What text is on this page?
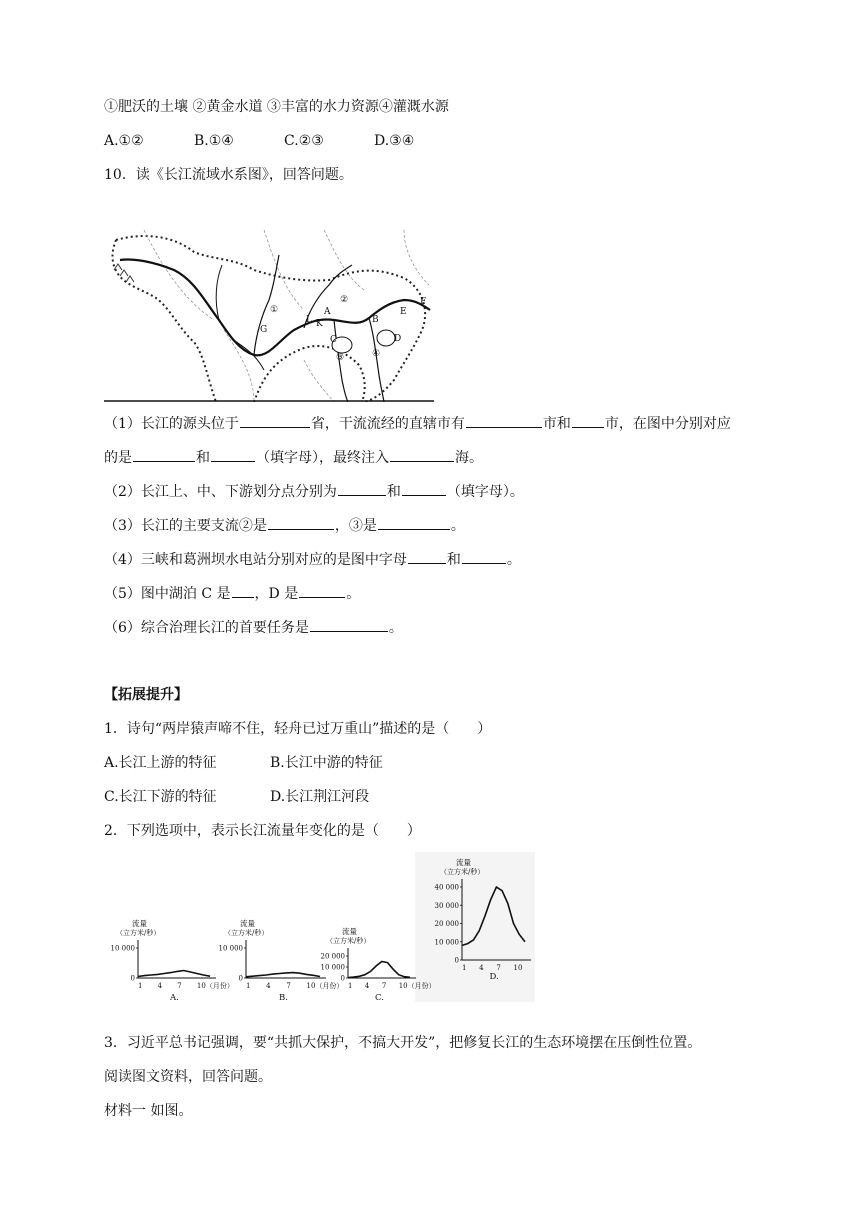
①肥沃的土壤 ②黄金水道 ③丰富的水力资源④灌溉水源
A.①②	B.①④	C.②③	D.③④
10．读《长江流域水系图》，回答问题。
①
②
③	④
A
B
C	D
E
F
G
K
L
（1）长江的源头位于	省，干流流经的直辖市有	市和 市，在图中分别对应
的是	和	（填字母），最终注入	海。
（2）长江上、中、下游划分点分别为	和	（填字母）。
（3）长江的主要支流②是	，③是	。
（4）三峡和葛洲坝水电站分别对应的是图中字母	和	。
（5）图中湖泊 C 是 ，D 是	。
（6）综合治理长江的首要任务是	。
【拓展提升】
1．诗句“两岸猿声啼不住，轻舟已过万重山”描述的是（ ）
A.长江上游的特征	B.长江中游的特征
C.长江下游的特征	D.长江荆江河段
2．下列选项中，表示长江流量年变化的是（ ）
流量
（立方米/秒）
0
10 000
1 4 7 10（月份）
A.
流量
（立方米/秒）
0
10 000
1 4 7 10（月份）
B.
流量
（立方米/秒）
0
10 000
20 000
1 4 7 10（月份）
C.
流量
（立方米/秒）
0
10 000
20 000
30 000
40 000
1 4 7 10
D.
3．习近平总书记强调，要“共抓大保护，不搞大开发”，把修复长江的生态环境摆在压倒性位置。
阅读图文资料，回答问题。
材料一 如图。
